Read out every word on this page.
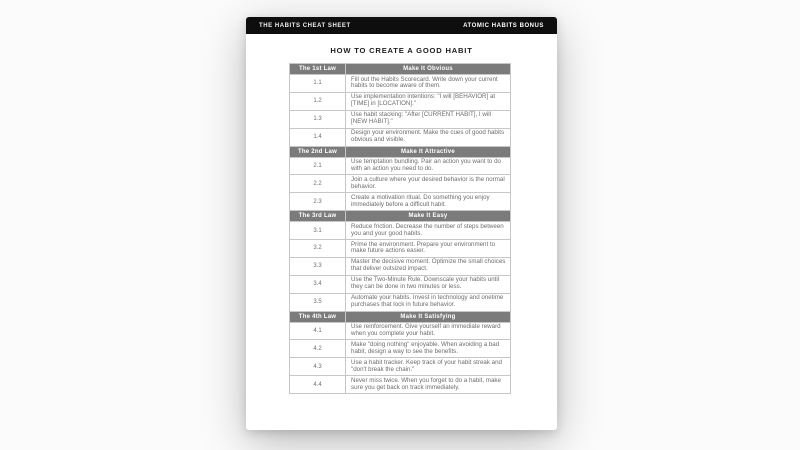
THE HABITS CHEAT SHEET	ATOMIC HABITS BONUS
HOW TO CREATE A GOOD HABIT
The 1st Law	Make It Obvious
1.1	Fill out the Habits Scorecard. Write down your current habits to become aware of them.
1.2	Use implementation intentions: "I will [BEHAVIOR] at [TIME] in [LOCATION]."
1.3	Use habit stacking: "After [CURRENT HABIT], I will [NEW HABIT]."
1.4	Design your environment. Make the cues of good habits obvious and visible.
The 2nd Law	Make It Attractive
2.1	Use temptation bundling. Pair an action you want to do with an action you need to do.
2.2	Join a culture where your desired behavior is the normal behavior.
2.3	Create a motivation ritual. Do something you enjoy immediately before a difficult habit.
The 3rd Law	Make It Easy
3.1	Reduce friction. Decrease the number of steps between you and your good habits.
3.2	Prime the environment. Prepare your environment to make future actions easier.
3.3	Master the decisive moment. Optimize the small choices that deliver outsized impact.
3.4	Use the Two-Minute Rule. Downscale your habits until they can be done in two minutes or less.
3.5	Automate your habits. Invest in technology and onetime purchases that lock in future behavior.
The 4th Law	Make It Satisfying
4.1	Use reinforcement. Give yourself an immediate reward when you complete your habit.
4.2	Make "doing nothing" enjoyable. When avoiding a bad habit, design a way to see the benefits.
4.3	Use a habit tracker. Keep track of your habit streak and "don't break the chain."
4.4	Never miss twice. When you forget to do a habit, make sure you get back on track immediately.
